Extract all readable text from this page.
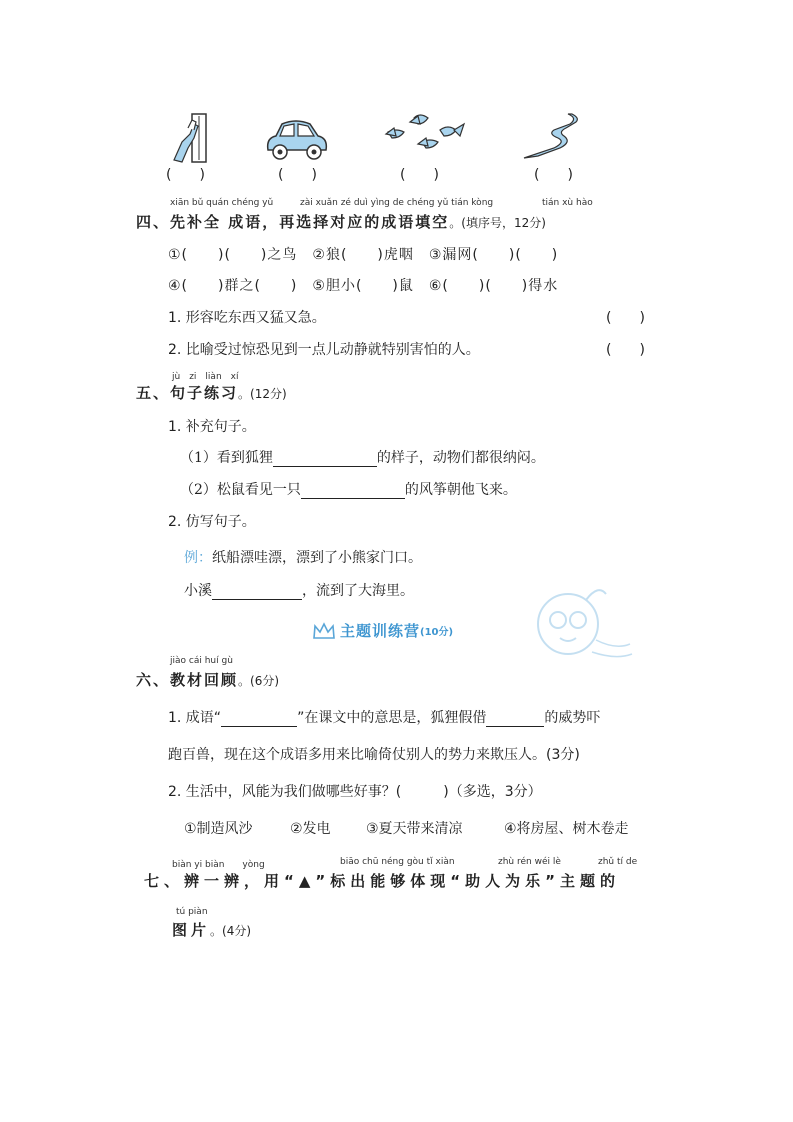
(　　)	(　　)	(　　)	(　　)
xiān bǔ quán chéng yǔ	zài xuǎn zé duì yìng de chéng yǔ tián kòng	tián xù hào
四、先补全 成语，再选择对应的成语填空。(填序号，12分)
①(　　)(　　)之鸟　②狼(　　)虎咽　③漏网(　　)(　　)
④(　　)群之(　　)　⑤胆小(　　)鼠　⑥(　　)(　　)得水
1. 形容吃东西又猛又急。	(　　)
2. 比喻受过惊恐见到一点儿动静就特别害怕的人。	(　　)
jù　zi　liàn　xí
五、句子练习。(12分)
1. 补充句子。
（1）看到狐狸	的样子，动物们都很纳闷。
（2）松鼠看见一只	的风筝朝他飞来。
2. 仿写句子。
例：纸船漂哇漂，漂到了小熊家门口。
小溪	，流到了大海里。
主题训练营 (10分)
jiào cái huí gù
六、教材回顾。(6分)
1. 成语“	”在课文中的意思是，狐狸假借	的威势吓
跑百兽，现在这个成语多用来比喻倚仗别人的势力来欺压人。(3分)
2. 生活中，风能为我们做哪些好事？(　　　)（多选，3分）
①制造风沙	②发电	③夏天带来清凉	④将房屋、树木卷走
biàn yi biàn　　yòng	biāo chū néng gòu tǐ xiàn	zhù rén wéi lè	zhǔ tí de
七、辨一辨，用“▲”标出能够体现“助人为乐”主题的
tú piàn
图片。(4分)
